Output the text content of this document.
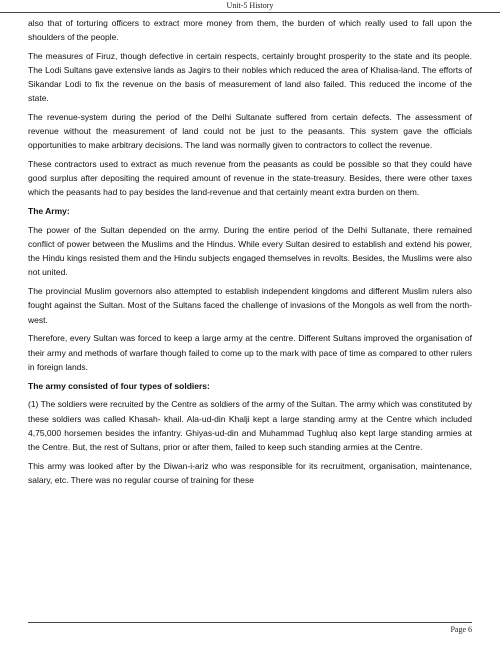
Unit-5 History

also that of torturing officers to extract more money from them, the burden of which really used to fall upon the shoulders of the people.

The measures of Firuz, though defective in certain respects, certainly brought prosperity to the state and its people. The Lodi Sultans gave extensive lands as Jagirs to their nobles which reduced the area of Khalisa-land. The efforts of Sikandar Lodi to fix the revenue on the basis of measurement of land also failed. This reduced the income of the state.

The revenue-system during the period of the Delhi Sultanate suffered from certain defects. The assessment of revenue without the measurement of land could not be just to the peasants. This system gave the officials opportunities to make arbitrary decisions. The land was normally given to contractors to collect the revenue.

These contractors used to extract as much revenue from the peasants as could be possible so that they could have good surplus after depositing the required amount of revenue in the state-treasury. Besides, there were other taxes which the peasants had to pay besides the land-revenue and that certainly meant extra burden on them.

The Army:

The power of the Sultan depended on the army. During the entire period of the Delhi Sultanate, there remained conflict of power between the Muslims and the Hindus. While every Sultan desired to establish and extend his power, the Hindu kings resisted them and the Hindu subjects engaged themselves in revolts. Besides, the Muslims were also not united.

The provincial Muslim governors also attempted to establish independent kingdoms and different Muslim rulers also fought against the Sultan. Most of the Sultans faced the challenge of invasions of the Mongols as well from the north-west.

Therefore, every Sultan was forced to keep a large army at the centre. Different Sultans improved the organisation of their army and methods of warfare though failed to come up to the mark with pace of time as compared to other rulers in foreign lands.

The army consisted of four types of soldiers:

(1) The soldiers were recruited by the Centre as soldiers of the army of the Sultan. The army which was constituted by these soldiers was called Khasah- khail. Ala-ud-din Khalji kept a large standing army at the Centre which included 4,75,000 horsemen besides the infantry. Ghiyas-ud-din and Muhammad Tughluq also kept large standing armies at the Centre. But, the rest of Sultans, prior or after them, failed to keep such standing armies at the Centre.

This army was looked after by the Diwan-i-ariz who was responsible for its recruitment, organisation, maintenance, salary, etc. There was no regular course of training for these

Page 6
